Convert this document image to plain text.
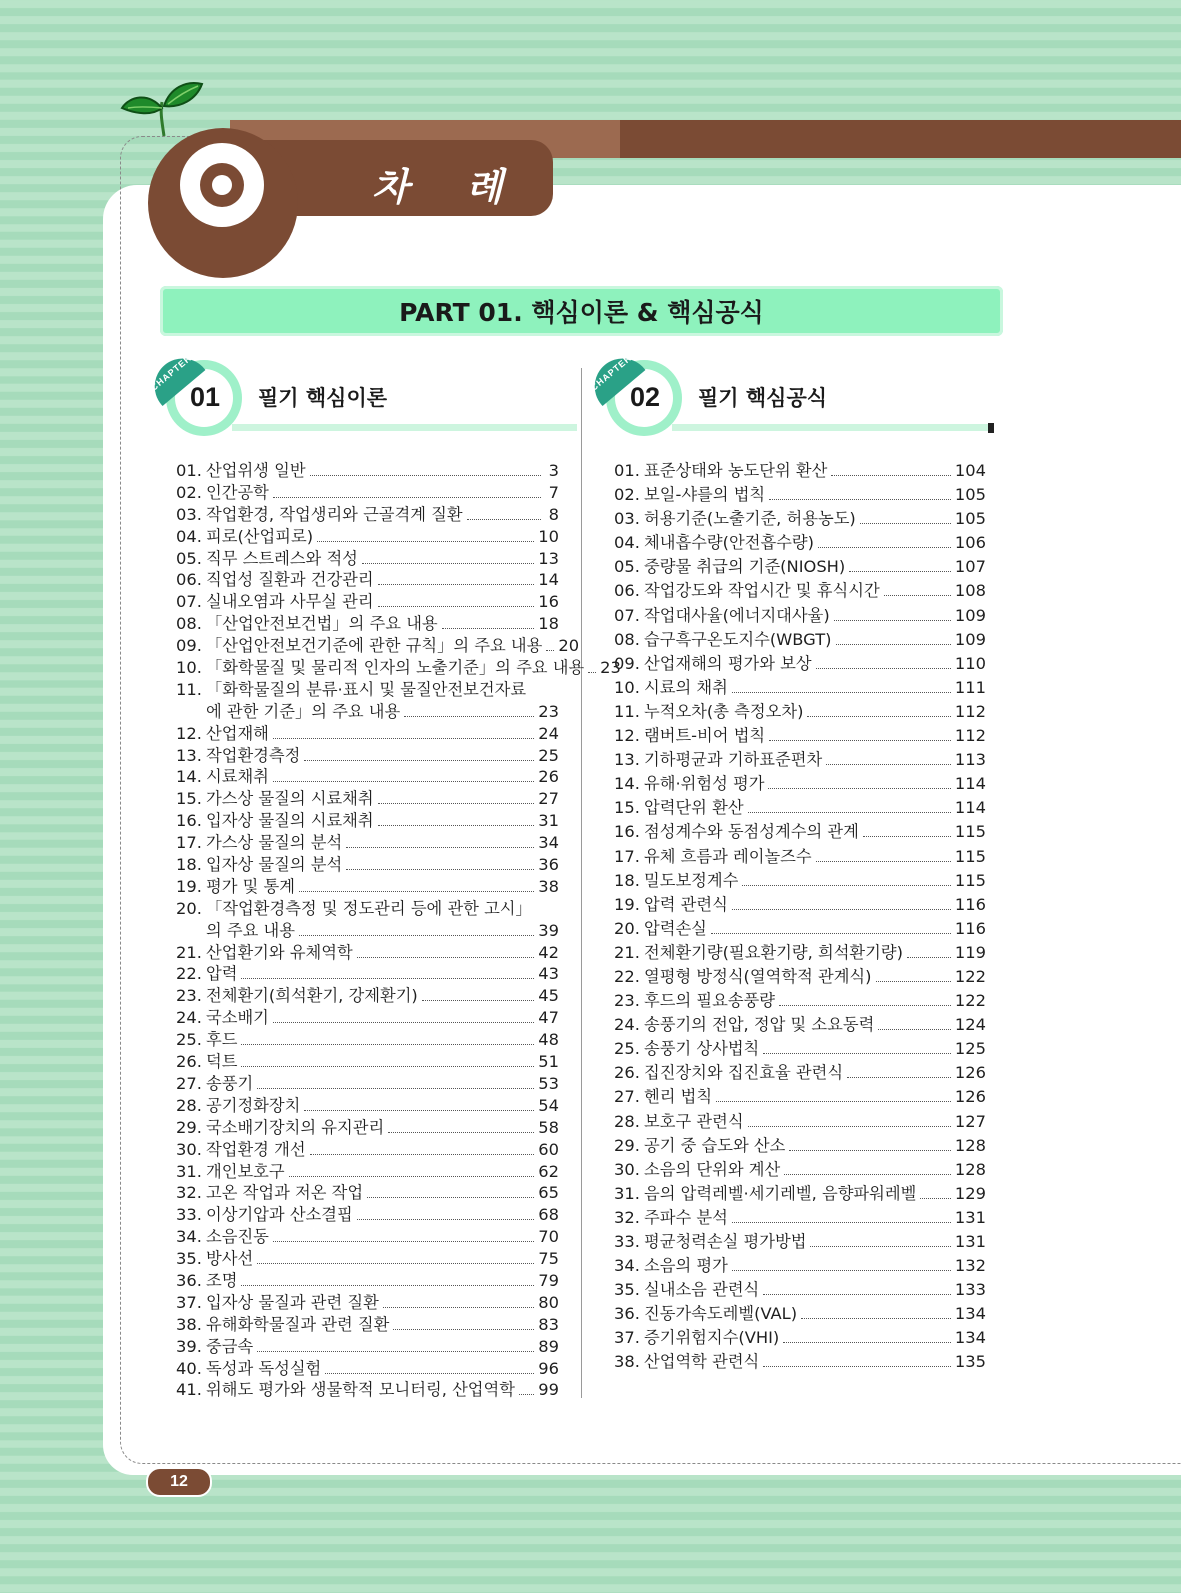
차 례
PART 01. 핵심이론 & 핵심공식
CHAPTER
01	필기 핵심이론
CHAPTER
02	필기 핵심공식
01. 산업위생 일반	3
02. 인간공학	7
03. 작업환경, 작업생리와 근골격계 질환	8
04. 피로(산업피로)	10
05. 직무 스트레스와 적성	13
06. 직업성 질환과 건강관리	14
07. 실내오염과 사무실 관리	16
08. 「산업안전보건법」의 주요 내용	18
09. 「산업안전보건기준에 관한 규칙」의 주요 내용 20
10. 「화학물질 및 물리적 인자의 노출기준」의 주요 내용 23
11. 「화학물질의 분류·표시 및 물질안전보건자료
에 관한 기준」의 주요 내용	23
12. 산업재해	24
13. 작업환경측정	25
14. 시료채취	26
15. 가스상 물질의 시료채취	27
16. 입자상 물질의 시료채취	31
17. 가스상 물질의 분석	34
18. 입자상 물질의 분석	36
19. 평가 및 통계	38
20. 「작업환경측정 및 정도관리 등에 관한 고시」
의 주요 내용	39
21. 산업환기와 유체역학	42
22. 압력	43
23. 전체환기(희석환기, 강제환기)	45
24. 국소배기	47
25. 후드	48
26. 덕트	51
27. 송풍기	53
28. 공기정화장치	54
29. 국소배기장치의 유지관리	58
30. 작업환경 개선	60
31. 개인보호구	62
32. 고온 작업과 저온 작업	65
33. 이상기압과 산소결핍	68
34. 소음진동	70
35. 방사선	75
36. 조명	79
37. 입자상 물질과 관련 질환	80
38. 유해화학물질과 관련 질환	83
39. 중금속	89
40. 독성과 독성실험	96
41. 위해도 평가와 생물학적 모니터링, 산업역학 99
01. 표준상태와 농도단위 환산	104
02. 보일-샤를의 법칙	105
03. 허용기준(노출기준, 허용농도)	105
04. 체내흡수량(안전흡수량)	106
05. 중량물 취급의 기준(NIOSH)	107
06. 작업강도와 작업시간 및 휴식시간	108
07. 작업대사율(에너지대사율)	109
08. 습구흑구온도지수(WBGT)	109
09. 산업재해의 평가와 보상	110
10. 시료의 채취	111
11. 누적오차(총 측정오차)	112
12. 램버트-비어 법칙	112
13. 기하평균과 기하표준편차	113
14. 유해·위험성 평가	114
15. 압력단위 환산	114
16. 점성계수와 동점성계수의 관계	115
17. 유체 흐름과 레이놀즈수	115
18. 밀도보정계수	115
19. 압력 관련식	116
20. 압력손실	116
21. 전체환기량(필요환기량, 희석환기량)	119
22. 열평형 방정식(열역학적 관계식)	122
23. 후드의 필요송풍량	122
24. 송풍기의 전압, 정압 및 소요동력	124
25. 송풍기 상사법칙	125
26. 집진장치와 집진효율 관련식	126
27. 헨리 법칙	126
28. 보호구 관련식	127
29. 공기 중 습도와 산소	128
30. 소음의 단위와 계산	128
31. 음의 압력레벨·세기레벨, 음향파워레벨 129
32. 주파수 분석	131
33. 평균청력손실 평가방법	131
34. 소음의 평가	132
35. 실내소음 관련식	133
36. 진동가속도레벨(VAL)	134
37. 증기위험지수(VHI)	134
38. 산업역학 관련식	135
12
